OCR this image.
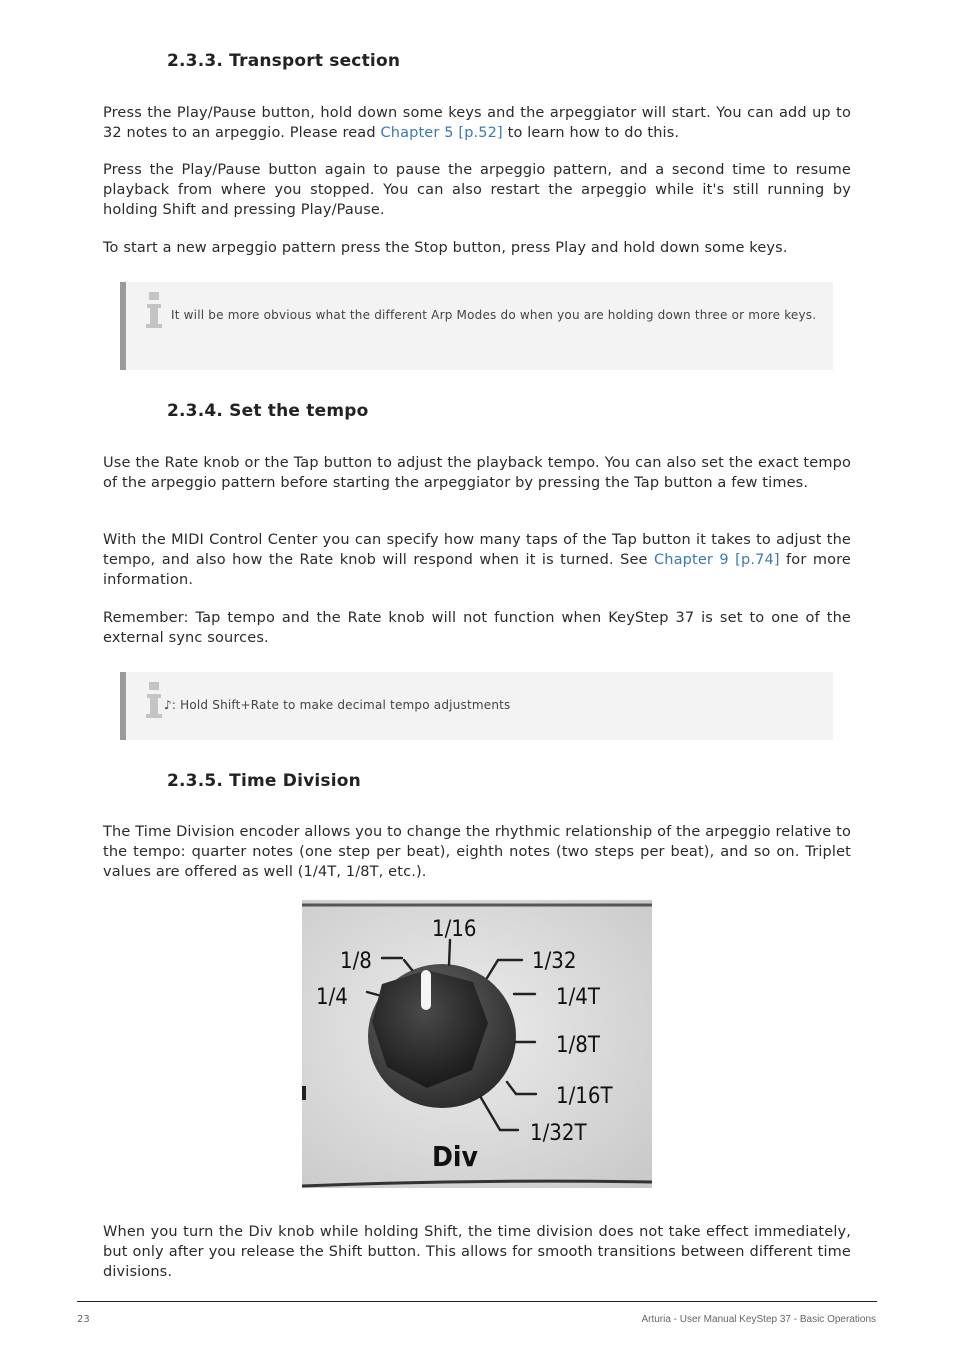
2.3.3. Transport section

Press the Play/Pause button, hold down some keys and the arpeggiator will start. You can add up to 32 notes to an arpeggio. Please read Chapter 5 [p.52] to learn how to do this.

Press the Play/Pause button again to pause the arpeggio pattern, and a second time to resume playback from where you stopped. You can also restart the arpeggio while it's still running by holding Shift and pressing Play/Pause.

To start a new arpeggio pattern press the Stop button, press Play and hold down some keys.

It will be more obvious what the different Arp Modes do when you are holding down three or more keys.
2.3.4. Set the tempo

Use the Rate knob or the Tap button to adjust the playback tempo. You can also set the exact tempo of the arpeggio pattern before starting the arpeggiator by pressing the Tap button a few times.

With the MIDI Control Center you can specify how many taps of the Tap button it takes to adjust the tempo, and also how the Rate knob will respond when it is turned. See Chapter 9 [p.74] for more information.

Remember: Tap tempo and the Rate knob will not function when KeyStep 37 is set to one of the external sync sources.

♪: Hold Shift+Rate to make decimal tempo adjustments
2.3.5. Time Division

The Time Division encoder allows you to change the rhythmic relationship of the arpeggio relative to the tempo: quarter notes (one step per beat), eighth notes (two steps per beat), and so on. Triplet values are offered as well (1/4T, 1/8T, etc.).

1/16
1/8
1/4
1/32
1/4T
1/8T
1/16T
1/32T
Div

When you turn the Div knob while holding Shift, the time division does not take effect immediately, but only after you release the Shift button. This allows for smooth transitions between different time divisions.

23	Arturia - User Manual KeyStep 37 - Basic Operations
